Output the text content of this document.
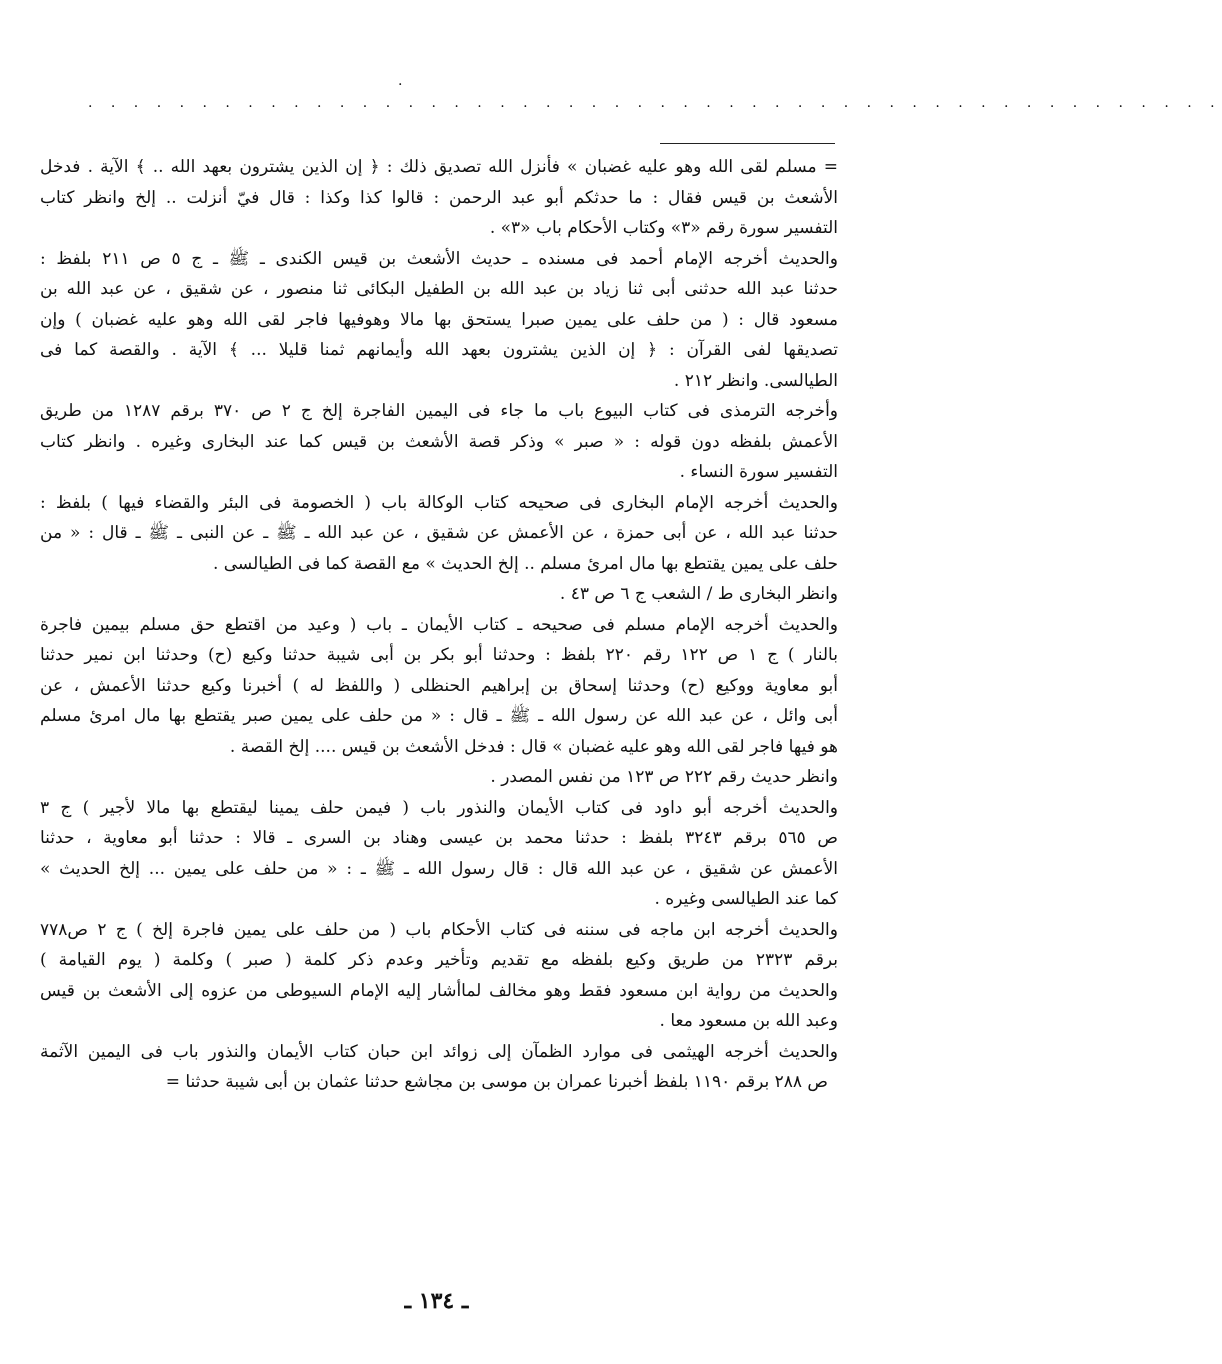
.
. . . . . . . . . . . . . . . . . . . . . . . . . . . . . . . . . . . . . . . . . . . . . . . . . .
= مسلم لقى الله وهو عليه غضبان » فأنزل الله تصديق ذلك : ﴿ إن الذين يشترون بعهد الله .. ﴾ الآية . فدخل
الأشعث بن قيس فقال : ما حدثكم أبو عبد الرحمن : قالوا كذا وكذا : قال فيّ أنزلت .. إلخ وانظر كتاب
التفسير سورة رقم «٣» وكتاب الأحكام باب «٣» .
والحديث أخرجه الإمام أحمد فى مسنده ـ حديث الأشعث بن قيس الكندى ـ ﷺ ـ ج ٥ ص ٢١١ بلفظ :
حدثنا عبد الله حدثنى أبى ثنا زياد بن عبد الله بن الطفيل البكائى ثنا منصور ، عن شقيق ، عن عبد الله بن
مسعود قال : ( من حلف على يمين صبرا يستحق بها مالا وهوفيها فاجر لقى الله وهو عليه غضبان ) وإن
تصديقها لفى القرآن : ﴿ إن الذين يشترون بعهد الله وأيمانهم ثمنا قليلا ... ﴾ الآية . والقصة كما فى
الطيالسى. وانظر ٢١٢ .
وأخرجه الترمذى فى كتاب البيوع باب ما جاء فى اليمين الفاجرة إلخ ج ٢ ص ٣٧٠ برقم ١٢٨٧ من طريق
الأعمش بلفظه دون قوله : « صبر » وذكر قصة الأشعث بن قيس كما عند البخارى وغيره . وانظر كتاب
التفسير سورة النساء .
والحديث أخرجه الإمام البخارى فى صحيحه كتاب الوكالة باب ( الخصومة فى البئر والقضاء فيها ) بلفظ :
حدثنا عبد الله ، عن أبى حمزة ، عن الأعمش عن شقيق ، عن عبد الله ـ ﷺ ـ عن النبى ـ ﷺ ـ قال : « من
حلف على يمين يقتطع بها مال امرئ مسلم .. إلخ الحديث » مع القصة كما فى الطيالسى .
وانظر البخارى ط / الشعب ج ٦ ص ٤٣ .
والحديث أخرجه الإمام مسلم فى صحيحه ـ كتاب الأيمان ـ باب ( وعيد من اقتطع حق مسلم بيمين فاجرة
بالنار ) ج ١ ص ١٢٢ رقم ٢٢٠ بلفظ : وحدثنا أبو بكر بن أبى شيبة حدثنا وكيع (ح) وحدثنا ابن نمير حدثنا
أبو معاوية ووكيع (ح) وحدثنا إسحاق بن إبراهيم الحنظلى ( واللفظ له ) أخبرنا وكيع حدثنا الأعمش ، عن
أبى وائل ، عن عبد الله عن رسول الله ـ ﷺ ـ قال : « من حلف على يمين صبر يقتطع بها مال امرئ مسلم
هو فيها فاجر لقى الله وهو عليه غضبان » قال : فدخل الأشعث بن قيس .... إلخ القصة .
وانظر حديث رقم ٢٢٢ ص ١٢٣ من نفس المصدر .
والحديث أخرجه أبو داود فى كتاب الأيمان والنذور باب ( فيمن حلف يمينا ليقتطع بها مالا لأجير ) ج ٣
ص ٥٦٥ برقم ٣٢٤٣ بلفظ : حدثنا محمد بن عيسى وهناد بن السرى ـ قالا : حدثنا أبو معاوية ، حدثنا
الأعمش عن شقيق ، عن عبد الله قال : قال رسول الله ـ ﷺ ـ : « من حلف على يمين ... إلخ الحديث »
كما عند الطيالسى وغيره .
والحديث أخرجه ابن ماجه فى سننه فى كتاب الأحكام باب ( من حلف على يمين فاجرة إلخ ) ج ٢ ص٧٧٨
برقم ٢٣٢٣ من طريق وكيع بلفظه مع تقديم وتأخير وعدم ذكر كلمة ( صبر ) وكلمة ( يوم القيامة )
والحديث من رواية ابن مسعود فقط وهو مخالف لماأشار إليه الإمام السيوطى من عزوه إلى الأشعث بن قيس
وعبد الله بن مسعود معا .
والحديث أخرجه الهيثمى فى موارد الظمآن إلى زوائد ابن حبان كتاب الأيمان والنذور باب فى اليمين الآثمة
ص ٢٨٨ برقم ١١٩٠ بلفظ أخبرنا عمران بن موسى بن مجاشع حدثنا عثمان بن أبى شيبة حدثنا =
ـ ١٣٤ ـ
